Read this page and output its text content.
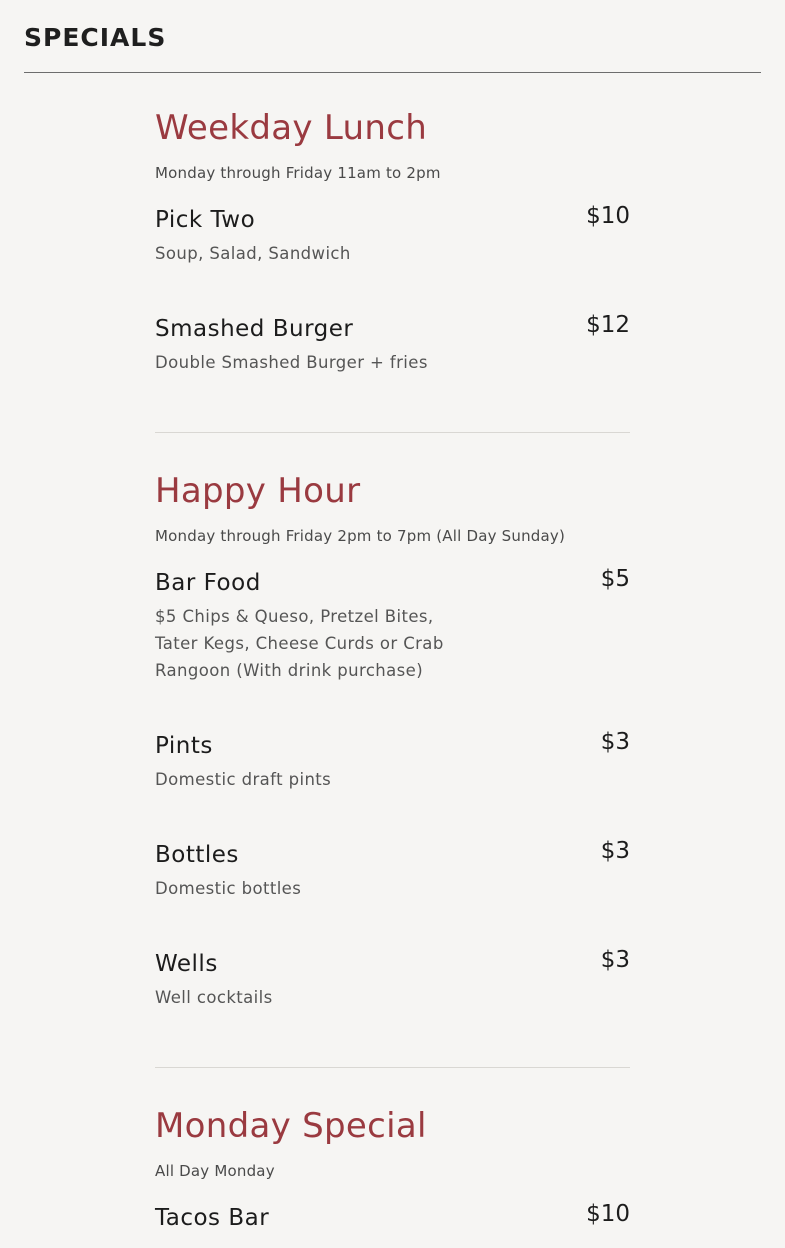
SPECIALS
Weekday Lunch
Monday through Friday 11am to 2pm
Pick Two	$10
Soup, Salad, Sandwich
Smashed Burger	$12
Double Smashed Burger + fries
Happy Hour
Monday through Friday 2pm to 7pm (All Day Sunday)
Bar Food	$5
$5 Chips & Queso, Pretzel Bites, Tater Kegs, Cheese Curds or Crab Rangoon (With drink purchase)
Pints	$3
Domestic draft pints
Bottles	$3
Domestic bottles
Wells	$3
Well cocktails
Monday Special
All Day Monday
Tacos Bar	$10
